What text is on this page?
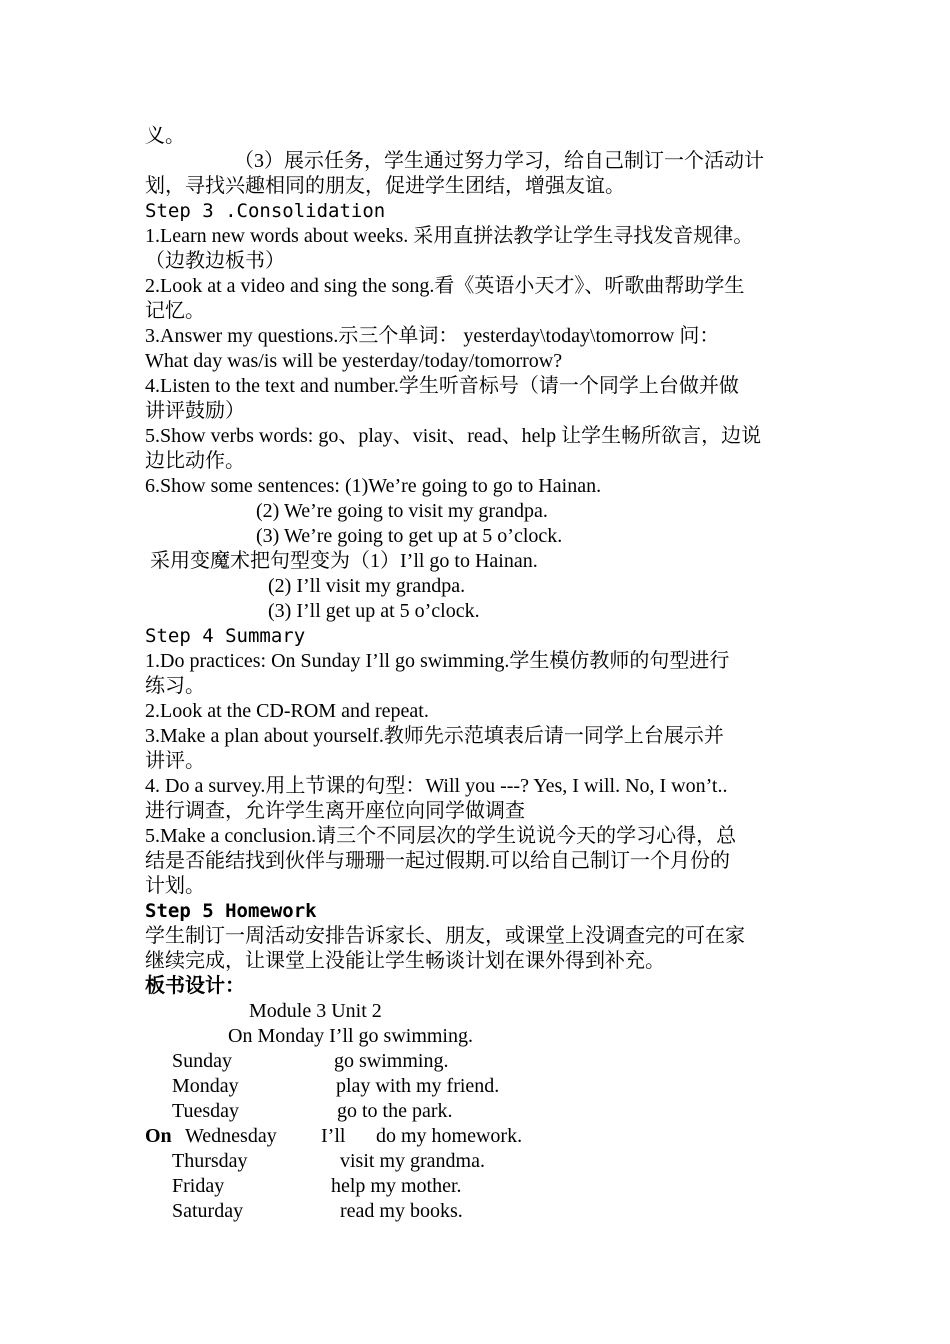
义。
（3）展示任务，学生通过努力学习，给自己制订一个活动计
划，寻找兴趣相同的朋友，促进学生团结，增强友谊。
Step 3 .Consolidation
1.Learn new words about weeks. 采用直拼法教学让学生寻找发音规律。
（边教边板书）
2.Look at a video and sing the song.看《英语小天才》、听歌曲帮助学生
记忆。
3.Answer my questions.示三个单词： yesterday\today\tomorrow 问：
What day was/is will be yesterday/today/tomorrow?
4.Listen to the text and number.学生听音标号（请一个同学上台做并做
讲评鼓励）
5.Show verbs words: go、play、visit、read、help 让学生畅所欲言，边说
边比动作。
6.Show some sentences: (1)We’re going to go to Hainan.
(2) We’re going to visit my grandpa.
(3) We’re going to get up at 5 o’clock.
采用变魔术把句型变为（1）I’ll go to Hainan.
(2) I’ll visit my grandpa.
(3) I’ll get up at 5 o’clock.
Step 4 Summary
1.Do practices: On Sunday I’ll go swimming.学生模仿教师的句型进行
练习。
2.Look at the CD-ROM and repeat.
3.Make a plan about yourself.教师先示范填表后请一同学上台展示并
讲评。
4. Do a survey.用上节课的句型：Will you ---? Yes, I will. No, I won’t..
进行调查，允许学生离开座位向同学做调查
5.Make a conclusion.请三个不同层次的学生说说今天的学习心得，总
结是否能结找到伙伴与珊珊一起过假期.可以给自己制订一个月份的
计划。
Step 5 Homework
学生制订一周活动安排告诉家长、朋友，或课堂上没调查完的可在家
继续完成，让课堂上没能让学生畅谈计划在课外得到补充。
板书设计：
Module 3 Unit 2
On Monday I’ll go swimming.
Sunday	go swimming.
Monday	play with my friend.
Tuesday	go to the park.
On Wednesday I’ll do my homework.
Thursday	visit my grandma.
Friday	help my mother.
Saturday	read my books.
